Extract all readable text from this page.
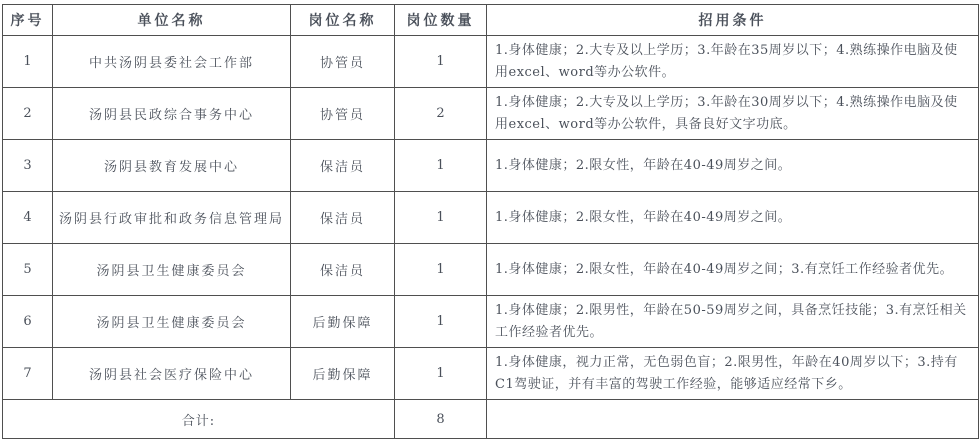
序号	单位名称	岗位名称	岗位数量	招用条件
1	中共汤阴县委社会工作部	协管员	1	1.身体健康；2.大专及以上学历；3.年龄在35周岁以下；4.熟练操作电脑及使用excel、word等办公软件。
2	汤阴县民政综合事务中心	协管员	2	1.身体健康；2.大专及以上学历；3.年龄在30周岁以下；4.熟练操作电脑及使用excel、word等办公软件，具备良好文字功底。
3	汤阴县教育发展中心	保洁员	1	1.身体健康；2.限女性，年龄在40-49周岁之间。
4	汤阴县行政审批和政务信息管理局	保洁员	1	1.身体健康；2.限女性，年龄在40-49周岁之间。
5	汤阴县卫生健康委员会	保洁员	1	1.身体健康；2.限女性，年龄在40-49周岁之间；3.有烹饪工作经验者优先。
6	汤阴县卫生健康委员会	后勤保障	1	1.身体健康；2.限男性，年龄在50-59周岁之间，具备烹饪技能；3.有烹饪相关工作经验者优先。
7	汤阴县社会医疗保险中心	后勤保障	1	1.身体健康，视力正常，无色弱色盲；2.限男性，年龄在40周岁以下；3.持有C1驾驶证，并有丰富的驾驶工作经验，能够适应经常下乡。
合计:			8	
